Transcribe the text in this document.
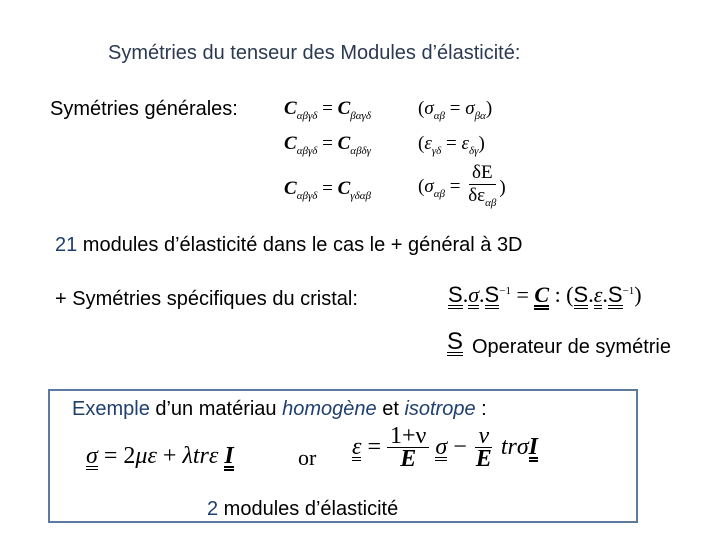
Symétries du tenseur des Modules d’élasticité:
Symétries générales: $C_{\alpha\beta\gamma\delta} = C_{\beta\alpha\gamma\delta}$ $(\sigma_{\alpha\beta} = \sigma_{\beta\alpha})$
$C_{\alpha\beta\gamma\delta} = C_{\alpha\beta\delta\gamma}$ $(\varepsilon_{\gamma\delta} = \varepsilon_{\delta\gamma})$
$C_{\alpha\beta\gamma\delta} = C_{\gamma\delta\alpha\beta}$ ($\sigma_{\alpha\beta} = \frac{\delta E}{\delta\varepsilon_{\alpha\beta}}$ )
21 modules d’élasticité dans le cas le + général à 3D
+ Symétries spécifiques du cristal:	$S.\sigma.S^{-1} = C$ : $(S.\varepsilon.S^{-1})$
S Operateur de symétrie
Exemple d’un matériau homogène et isotrope :
σ = 2με + λtrε I	or $\varepsilon = \frac{1+\nu}{E}$ $\sigma - \frac{\nu}{E}$ trσI
2 modules d’élasticité
